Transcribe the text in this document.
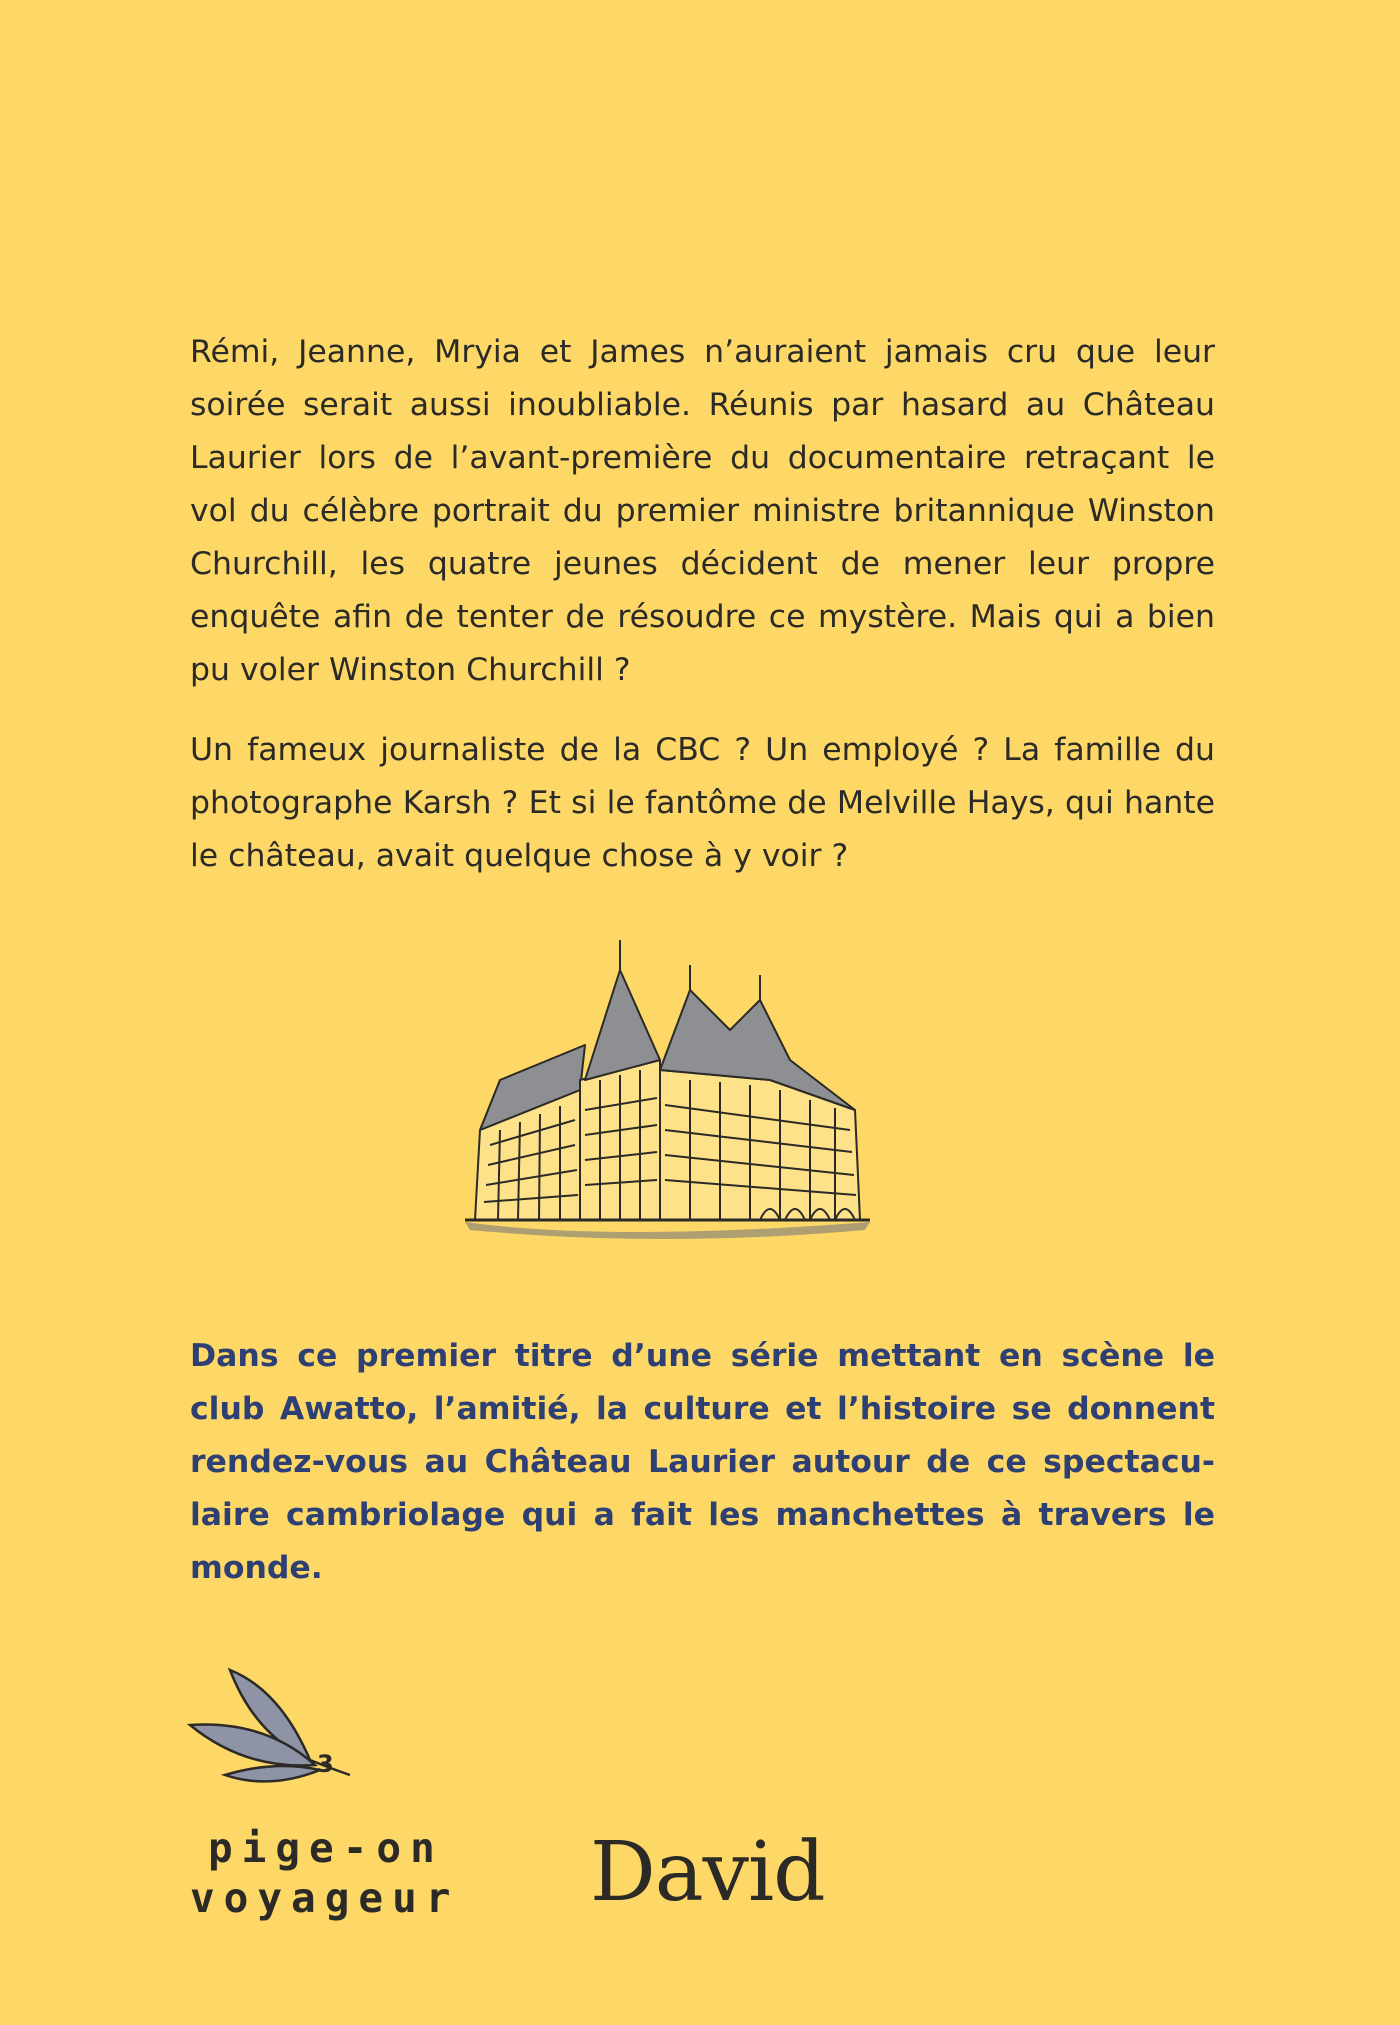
Rémi, Jeanne, Mryia et James n’auraient jamais cru que leur soirée serait aussi inoubliable. Réunis par hasard au Château Laurier lors de l’avant-première du documentaire retraçant le vol du célèbre portrait du premier ministre britannique Winston Churchill, les quatre jeunes décident de mener leur propre enquête afin de tenter de résoudre ce mystère. Mais qui a bien pu voler Winston Churchill ?

Un fameux journaliste de la CBC ? Un employé ? La famille du photographe Karsh ? Et si le fantôme de Melville Hays, qui hante le château, avait quelque chose à y voir ?

Dans ce premier titre d’une série mettant en scène le club Awatto, l’amitié, la culture et l’histoire se donnent rendez-vous au Château Laurier autour de ce spectacu-laire cambriolage qui a fait les manchettes à travers le monde.

3
pige-on
voyageur David
